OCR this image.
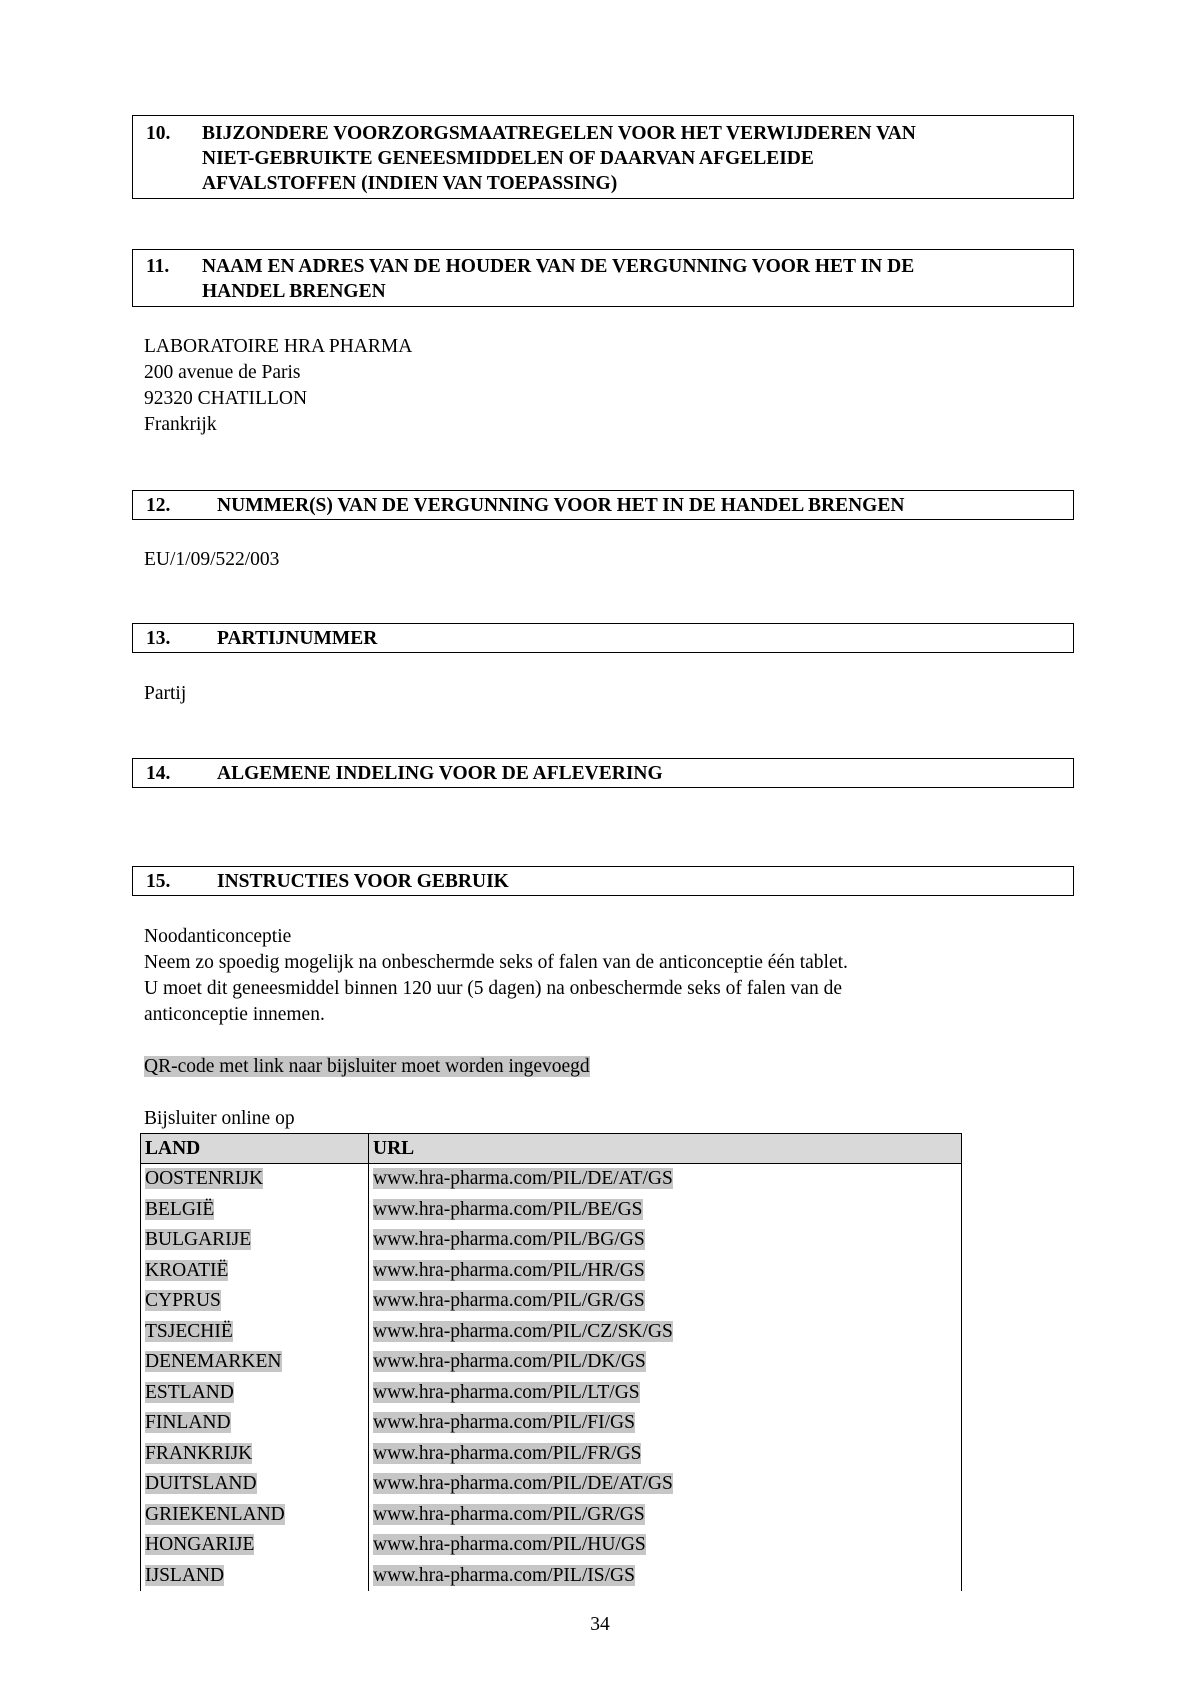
10. BIJZONDERE VOORZORGSMAATREGELEN VOOR HET VERWIJDEREN VAN
NIET-GEBRUIKTE GENEESMIDDELEN OF DAARVAN AFGELEIDE
AFVALSTOFFEN (INDIEN VAN TOEPASSING)
11. NAAM EN ADRES VAN DE HOUDER VAN DE VERGUNNING VOOR HET IN DE
HANDEL BRENGEN
LABORATOIRE HRA PHARMA
200 avenue de Paris
92320 CHATILLON
Frankrijk
12. NUMMER(S) VAN DE VERGUNNING VOOR HET IN DE HANDEL BRENGEN
EU/1/09/522/003
13. PARTIJNUMMER
Partij
14. ALGEMENE INDELING VOOR DE AFLEVERING
15. INSTRUCTIES VOOR GEBRUIK
Noodanticonceptie
Neem zo spoedig mogelijk na onbeschermde seks of falen van de anticonceptie één tablet.
U moet dit geneesmiddel binnen 120 uur (5 dagen) na onbeschermde seks of falen van de
anticonceptie innemen.
QR-code met link naar bijsluiter moet worden ingevoegd
Bijsluiter online op
LAND	URL
OOSTENRIJK	www.hra-pharma.com/PIL/DE/AT/GS
BELGIË	www.hra-pharma.com/PIL/BE/GS
BULGARIJE	www.hra-pharma.com/PIL/BG/GS
KROATIË	www.hra-pharma.com/PIL/HR/GS
CYPRUS	www.hra-pharma.com/PIL/GR/GS
TSJECHIË	www.hra-pharma.com/PIL/CZ/SK/GS
DENEMARKEN	www.hra-pharma.com/PIL/DK/GS
ESTLAND	www.hra-pharma.com/PIL/LT/GS
FINLAND	www.hra-pharma.com/PIL/FI/GS
FRANKRIJK	www.hra-pharma.com/PIL/FR/GS
DUITSLAND	www.hra-pharma.com/PIL/DE/AT/GS
GRIEKENLAND	www.hra-pharma.com/PIL/GR/GS
HONGARIJE	www.hra-pharma.com/PIL/HU/GS
IJSLAND	www.hra-pharma.com/PIL/IS/GS
34
